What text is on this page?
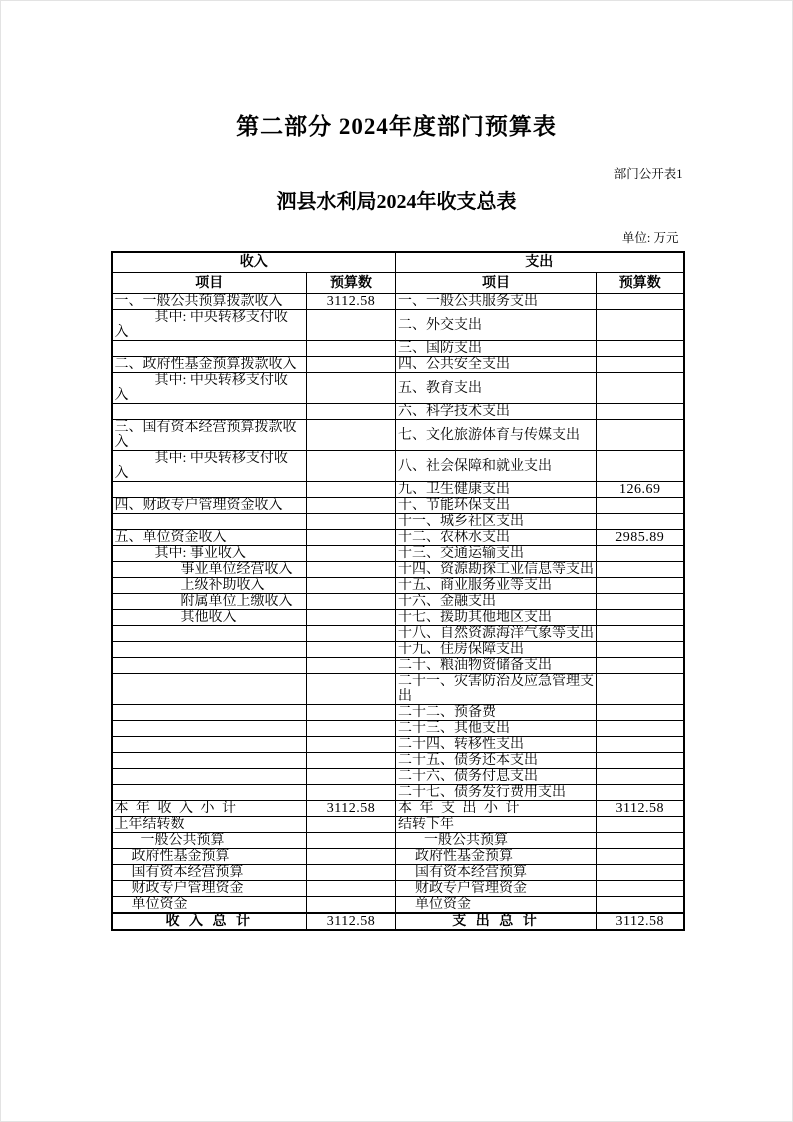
第二部分 2024年度部门预算表
部门公开表1
泗县水利局2024年收支总表
单位: 万元
收入		支出	
项目	预算数	项目	预算数
一、一般公共预算拨款收入	3112.58	一、一般公共服务支出	
其中: 中央转移支付收入		二、外交支出	
		三、国防支出	
二、政府性基金预算拨款收入		四、公共安全支出	
其中: 中央转移支付收入		五、教育支出	
		六、科学技术支出	
三、国有资本经营预算拨款收入		七、文化旅游体育与传媒支出	
其中: 中央转移支付收入		八、社会保障和就业支出	
		九、卫生健康支出	126.69
四、财政专户管理资金收入		十、节能环保支出	
		十一、城乡社区支出	
五、单位资金收入		十二、农林水支出	2985.89
其中: 事业收入		十三、交通运输支出	
事业单位经营收入		十四、资源勘探工业信息等支出	
上级补助收入		十五、商业服务业等支出	
附属单位上缴收入		十六、金融支出	
其他收入		十七、援助其他地区支出	
		十八、自然资源海洋气象等支出	
		十九、住房保障支出	
		二十、粮油物资储备支出	
		二十一、灾害防治及应急管理支出	
		二十二、预备费	
		二十三、其他支出	
		二十四、转移性支出	
		二十五、债务还本支出	
		二十六、债务付息支出	
		二十七、债务发行费用支出	
本 年 收 入 小 计	3112.58	本 年 支 出 小 计	3112.58
上年结转数		结转下年	
一般公共预算		一般公共预算	
政府性基金预算		政府性基金预算	
国有资本经营预算		国有资本经营预算	
财政专户管理资金		财政专户管理资金	
单位资金		单位资金	
收 入 总 计	3112.58	支 出 总 计	3112.58
